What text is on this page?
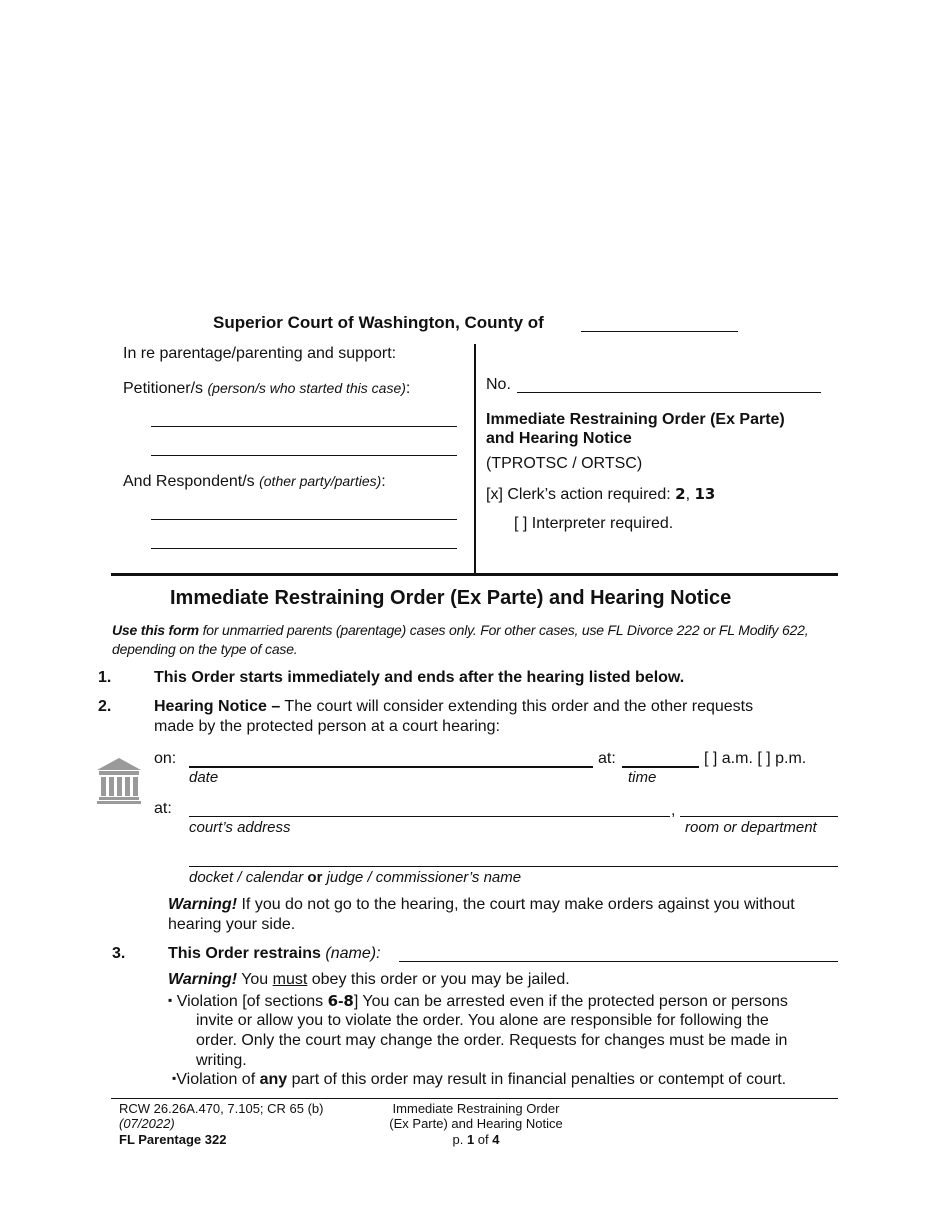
Superior Court of Washington, County of
In re parentage/parenting and support:
Petitioner/s (person/s who started this case):
And Respondent/s (other party/parties):
No.
Immediate Restraining Order (Ex Parte)
and Hearing Notice
(TPROTSC / ORTSC)
[x] Clerk’s action required: 2, 13
[ ] Interpreter required.
Immediate Restraining Order (Ex Parte) and Hearing Notice
Use this form for unmarried parents (parentage) cases only. For other cases, use FL Divorce 222 or FL Modify 622,
depending on the type of case.
1.	This Order starts immediately and ends after the hearing listed below.
2.	Hearing Notice – The court will consider extending this order and the other requests
made by the protected person at a court hearing:
on:	at:	[ ] a.m. [ ] p.m.
date	time
at:	,
court’s address	room or department
docket / calendar or judge / commissioner’s name
Warning! If you do not go to the hearing, the court may make orders against you without
hearing your side.
3.	This Order restrains (name):
Warning! You must obey this order or you may be jailed.
▪ Violation [of sections 6-8] You can be arrested even if the protected person or persons
invite or allow you to violate the order. You alone are responsible for following the
order. Only the court may change the order. Requests for changes must be made in
writing.
▪Violation of any part of this order may result in financial penalties or contempt of court.
RCW 26.26A.470, 7.105; CR 65 (b)
(07/2022)
FL Parentage 322
Immediate Restraining Order
(Ex Parte) and Hearing Notice
p. 1 of 4
